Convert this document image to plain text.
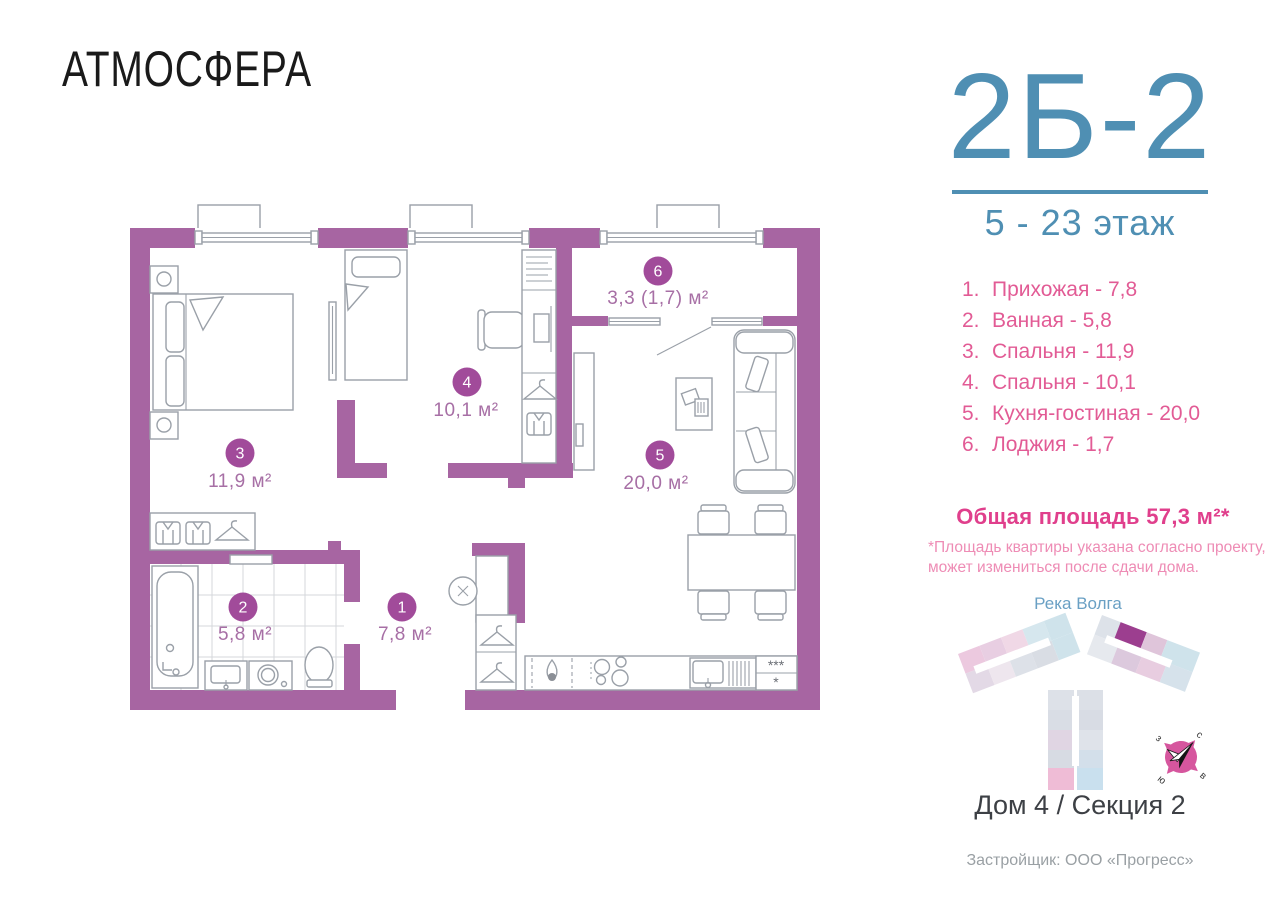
АТМОСФЕРА
***
*
1
7,8 м²
2
5,8 м²
3
11,9 м²
4
10,1 м²
5
20,0 м²
6
3,3 (1,7) м²
с
в
ю
з
2Б-2
5 - 23 этаж
1. Прихожая - 7,8
2. Ванная - 5,8
3. Спальня - 11,9
4. Спальня - 10,1
5. Кухня-гостиная - 20,0
6. Лоджия - 1,7
Общая площадь 57,3 м²*
*Площадь квартиры указана согласно проекту,
может измениться после сдачи дома.
Река Волга
Дом 4 / Секция 2
Застройщик: ООО «Прогресс»
